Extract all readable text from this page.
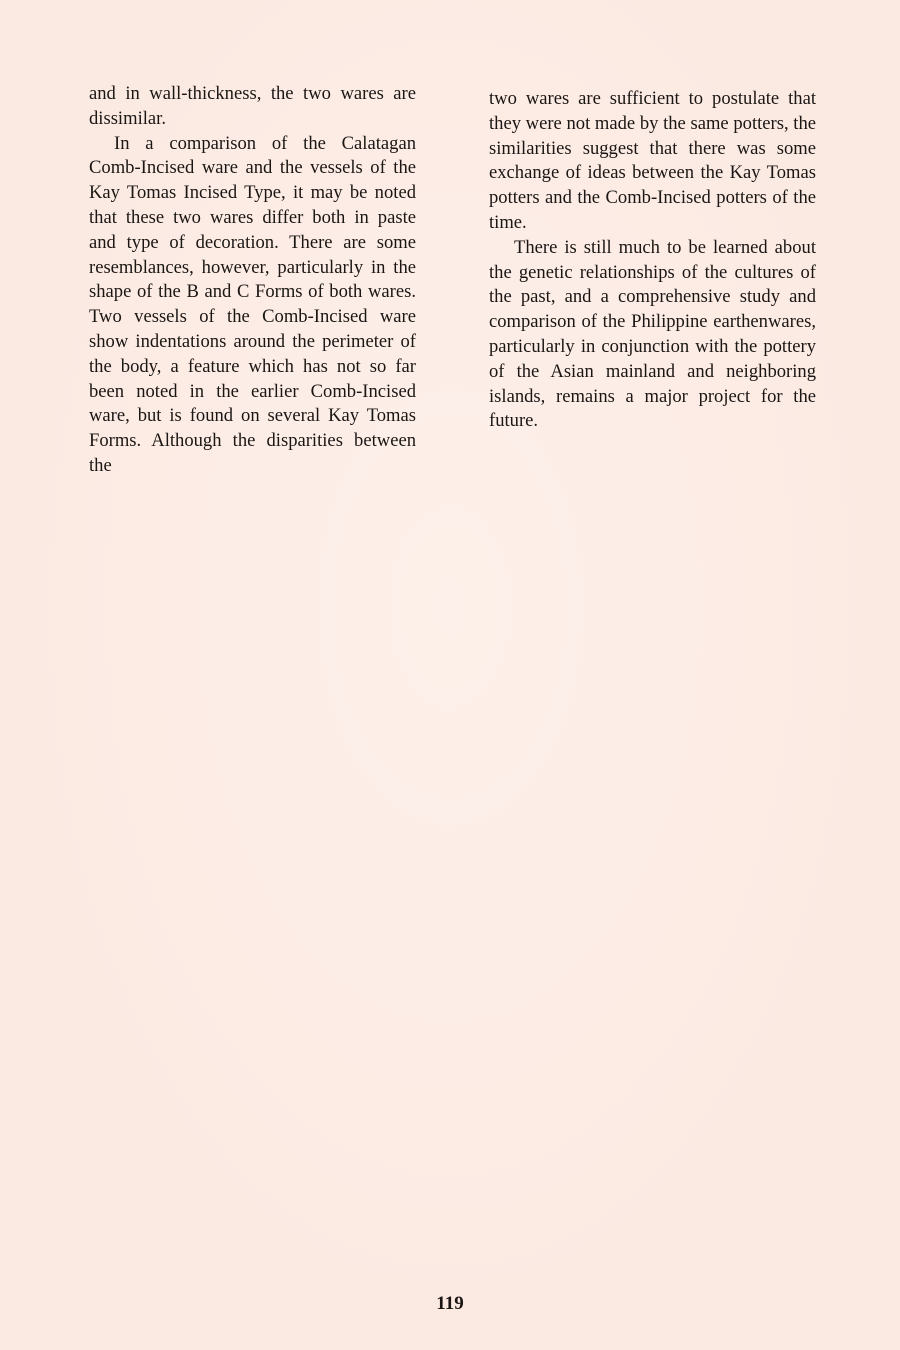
and in wall-thickness, the two wares are dissimilar.

In a comparison of the Calatagan Comb-Incised ware and the vessels of the Kay Tomas Incised Type, it may be noted that these two wares differ both in paste and type of decoration. There are some resemblances, however, particularly in the shape of the B and C Forms of both wares. Two vessels of the Comb-Incised ware show indentations around the perimeter of the body, a feature which has not so far been noted in the earlier Comb-Incised ware, but is found on several Kay Tomas Forms. Although the disparities between the

two wares are sufficient to postulate that they were not made by the same potters, the similarities suggest that there was some exchange of ideas between the Kay Tomas potters and the Comb-Incised potters of the time.

There is still much to be learned about the genetic relationships of the cultures of the past, and a comprehensive study and comparison of the Philippine earthenwares, particularly in conjunction with the pottery of the Asian mainland and neighboring islands, remains a major project for the future.

119
